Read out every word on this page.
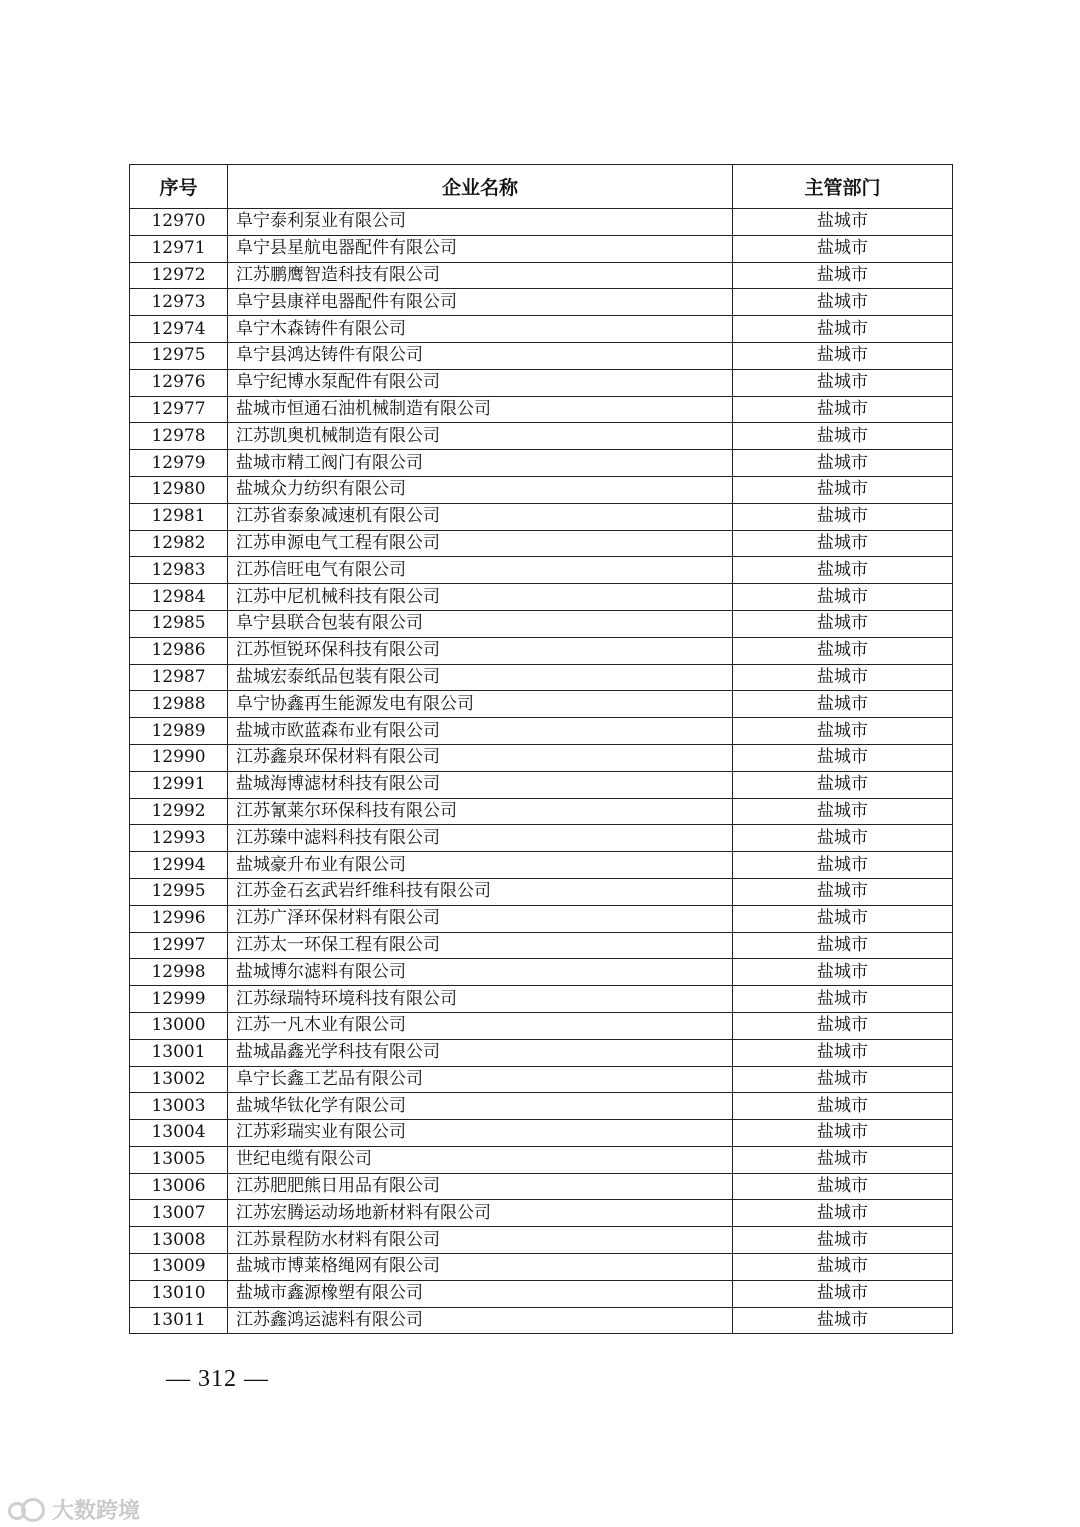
序号	企业名称	主管部门
12970	阜宁泰利泵业有限公司	盐城市
12971	阜宁县星航电器配件有限公司	盐城市
12972	江苏鹏鹰智造科技有限公司	盐城市
12973	阜宁县康祥电器配件有限公司	盐城市
12974	阜宁木森铸件有限公司	盐城市
12975	阜宁县鸿达铸件有限公司	盐城市
12976	阜宁纪博水泵配件有限公司	盐城市
12977	盐城市恒通石油机械制造有限公司	盐城市
12978	江苏凯奥机械制造有限公司	盐城市
12979	盐城市精工阀门有限公司	盐城市
12980	盐城众力纺织有限公司	盐城市
12981	江苏省泰象减速机有限公司	盐城市
12982	江苏申源电气工程有限公司	盐城市
12983	江苏信旺电气有限公司	盐城市
12984	江苏中尼机械科技有限公司	盐城市
12985	阜宁县联合包装有限公司	盐城市
12986	江苏恒锐环保科技有限公司	盐城市
12987	盐城宏泰纸品包装有限公司	盐城市
12988	阜宁协鑫再生能源发电有限公司	盐城市
12989	盐城市欧蓝森布业有限公司	盐城市
12990	江苏鑫泉环保材料有限公司	盐城市
12991	盐城海博滤材科技有限公司	盐城市
12992	江苏氰莱尔环保科技有限公司	盐城市
12993	江苏臻中滤料科技有限公司	盐城市
12994	盐城豪升布业有限公司	盐城市
12995	江苏金石玄武岩纤维科技有限公司	盐城市
12996	江苏广泽环保材料有限公司	盐城市
12997	江苏太一环保工程有限公司	盐城市
12998	盐城博尔滤料有限公司	盐城市
12999	江苏绿瑞特环境科技有限公司	盐城市
13000	江苏一凡木业有限公司	盐城市
13001	盐城晶鑫光学科技有限公司	盐城市
13002	阜宁长鑫工艺品有限公司	盐城市
13003	盐城华钛化学有限公司	盐城市
13004	江苏彩瑞实业有限公司	盐城市
13005	世纪电缆有限公司	盐城市
13006	江苏肥肥熊日用品有限公司	盐城市
13007	江苏宏腾运动场地新材料有限公司	盐城市
13008	江苏景程防水材料有限公司	盐城市
13009	盐城市博莱格绳网有限公司	盐城市
13010	盐城市鑫源橡塑有限公司	盐城市
13011	江苏鑫鸿运滤料有限公司	盐城市
— 312 —
大数跨境
